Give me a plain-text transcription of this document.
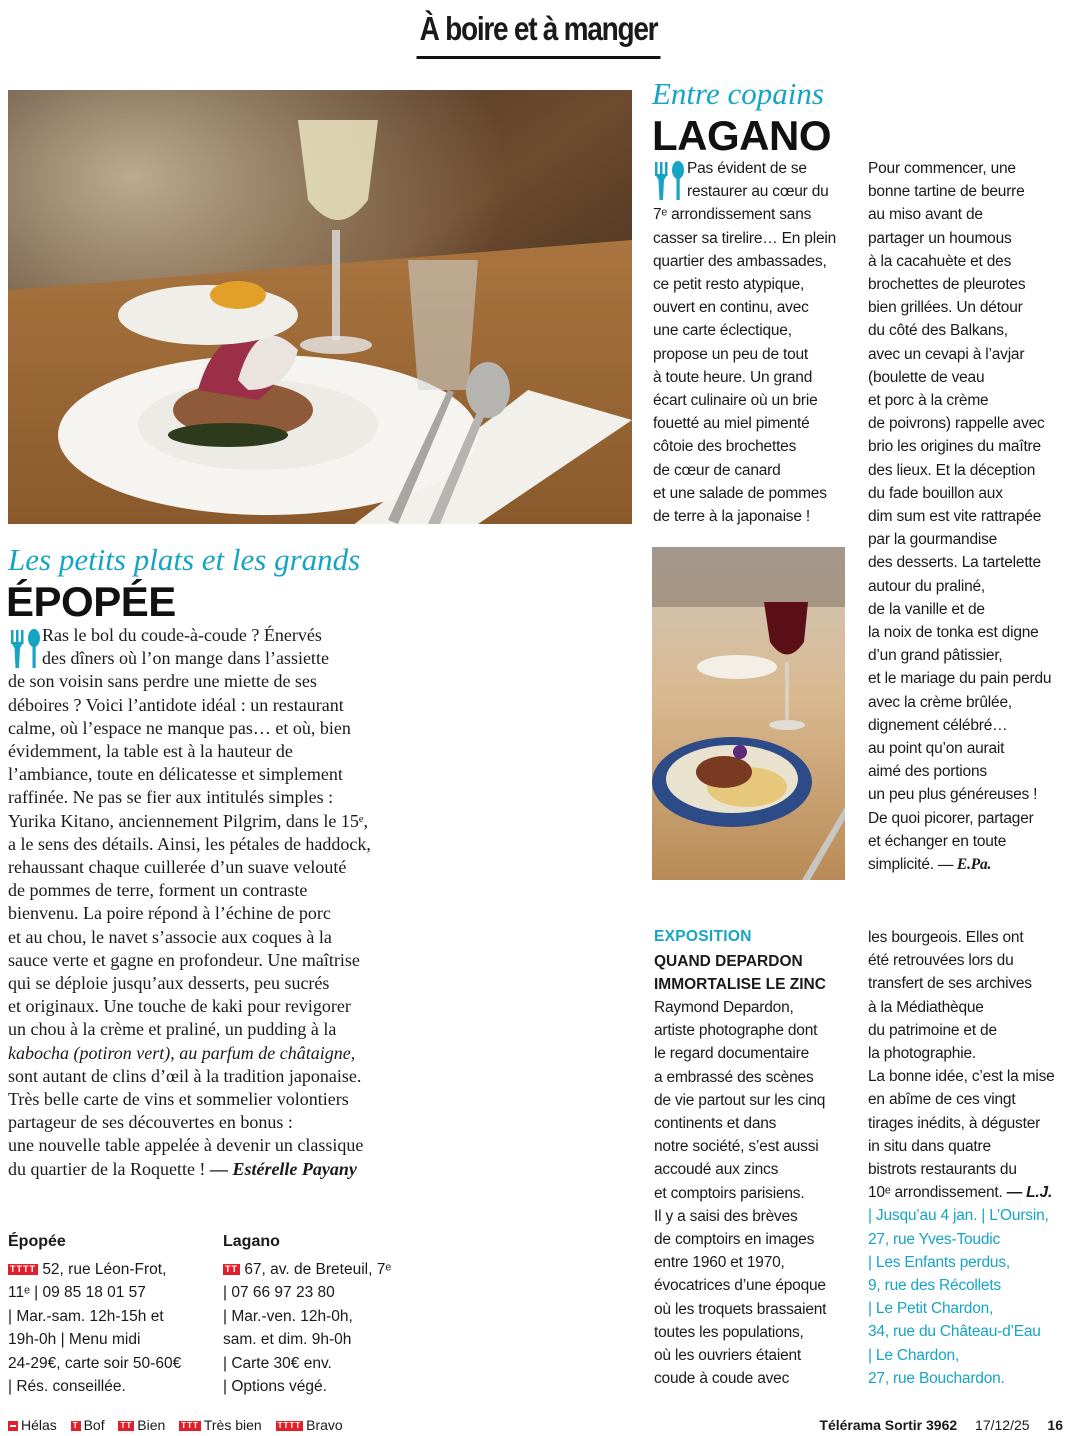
À boire et à manger
Les petits plats et les grands
ÉPOPÉE

Ras le bol du coude-à-coude ? Énervés

des dîners où l’on mange dans l’assiette

de son voisin sans perdre une miette de ses

déboires ? Voici l’antidote idéal : un restaurant

calme, où l’espace ne manque pas… et où, bien

évidemment, la table est à la hauteur de

l’ambiance, toute en délicatesse et simplement

raffinée. Ne pas se fier aux intitulés simples :

Yurika Kitano, anciennement Pilgrim, dans le 15ᵉ,

a le sens des détails. Ainsi, les pétales de haddock,

rehaussant chaque cuillerée d’un suave velouté

de pommes de terre, forment un contraste

bienvenu. La poire répond à l’échine de porc

et au chou, le navet s’associe aux coques à la

sauce verte et gagne en profondeur. Une maîtrise

qui se déploie jusqu’aux desserts, peu sucrés

et originaux. Une touche de kaki pour revigorer

un chou à la crème et praliné, un pudding à la

kabocha (potiron vert), au parfum de châtaigne,

sont autant de clins d’œil à la tradition japonaise.

Très belle carte de vins et sommelier volontiers

partageur de ses découvertes en bonus :

une nouvelle table appelée à devenir un classique

du quartier de la Roquette ! — Estérelle Payany

Épopée
TTTT 52, rue Léon-Frot,
11ᵉ | 09 85 18 01 57
| Mar.-sam. 12h-15h et
19h-0h | Menu midi
24-29€, carte soir 50-60€
| Rés. conseillée.
Lagano
TT 67, av. de Breteuil, 7ᵉ
| 07 66 97 23 80
| Mar.-ven. 12h-0h,
sam. et dim. 9h-0h
| Carte 30€ env.
| Options végé.
Entre copains
LAGANO

Pas évident de se

restaurer au cœur du

7ᵉ arrondissement sans

casser sa tirelire… En plein

quartier des ambassades,

ce petit resto atypique,

ouvert en continu, avec

une carte éclectique,

propose un peu de tout

à toute heure. Un grand

écart culinaire où un brie

fouetté au miel pimenté

côtoie des brochettes

de cœur de canard

et une salade de pommes

de terre à la japonaise !

Pour commencer, une

bonne tartine de beurre

au miso avant de

partager un houmous

à la cacahuète et des

brochettes de pleurotes

bien grillées. Un détour

du côté des Balkans,

avec un cevapi à l’avjar

(boulette de veau

et porc à la crème

de poivrons) rappelle avec

brio les origines du maître

des lieux. Et la déception

du fade bouillon aux

dim sum est vite rattrapée

par la gourmandise

des desserts. La tartelette

autour du praliné,

de la vanille et de

la noix de tonka est digne

d’un grand pâtissier,

et le mariage du pain perdu

avec la crème brûlée,

dignement célébré…

au point qu’on aurait

aimé des portions

un peu plus généreuses !

De quoi picorer, partager

et échanger en toute

simplicité. — E.Pa.

EXPOSITION
QUAND DEPARDON
IMMORTALISE LE ZINC

Raymond Depardon,

artiste photographe dont

le regard documentaire

a embrassé des scènes

de vie partout sur les cinq

continents et dans

notre société, s’est aussi

accoudé aux zincs

et comptoirs parisiens.

Il y a saisi des brèves

de comptoirs en images

entre 1960 et 1970,

évocatrices d’une époque

où les troquets brassaient

toutes les populations,

où les ouvriers étaient

coude à coude avec

les bourgeois. Elles ont

été retrouvées lors du

transfert de ses archives

à la Médiathèque

du patrimoine et de

la photographie.

La bonne idée, c’est la mise

en abîme de ces vingt

tirages inédits, à déguster

in situ dans quatre

bistrots restaurants du

10ᵉ arrondissement. — L.J.

| Jusqu’au 4 jan. | L’Oursin,

27, rue Yves-Toudic

| Les Enfants perdus,

9, rue des Récollets

| Le Petit Chardon,

34, rue du Château-d’Eau

| Le Chardon,

27, rue Bouchardon.

Hélas T Bof TT Bien TTT Très bien TTTT Bravo	Télérama Sortir 3962 17/12/25 16
